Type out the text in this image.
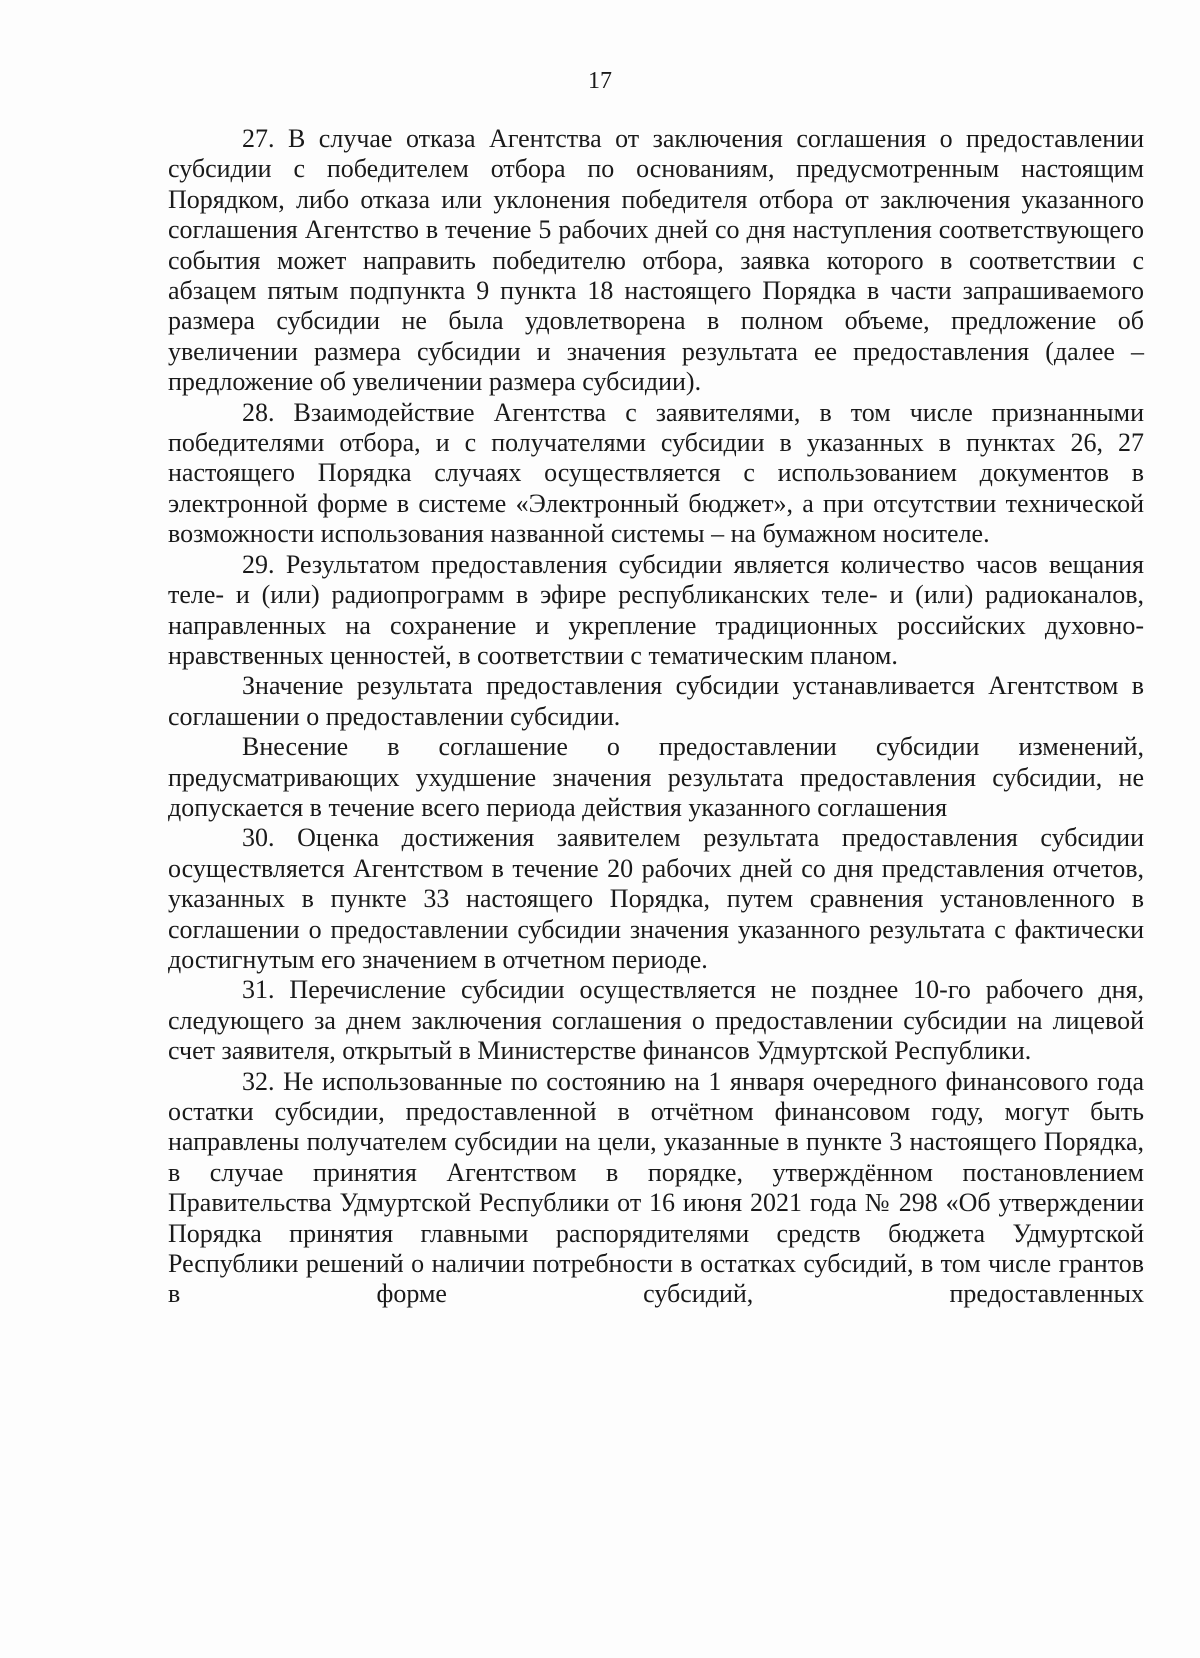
17

27. В случае отказа Агентства от заключения соглашения о предоставлении субсидии с победителем отбора по основаниям, предусмотренным настоящим Порядком, либо отказа или уклонения победителя отбора от заключения указанного соглашения Агентство в течение 5 рабочих дней со дня наступления соответствующего события может направить победителю отбора, заявка которого в соответствии с абзацем пятым подпункта 9 пункта 18 настоящего Порядка в части запрашиваемого размера субсидии не была удовлетворена в полном объеме, предложение об увеличении размера субсидии и значения результата ее предоставления (далее – предложение об увеличении размера субсидии).

28. Взаимодействие Агентства с заявителями, в том числе признанными победителями отбора, и с получателями субсидии в указанных в пунктах 26, 27 настоящего Порядка случаях осуществляется с использованием документов в электронной форме в системе «Электронный бюджет», а при отсутствии технической возможности использования названной системы – на бумажном носителе.

29. Результатом предоставления субсидии является количество часов вещания теле- и (или) радиопрограмм в эфире республиканских теле- и (или) радиоканалов, направленных на сохранение и укрепление традиционных российских духовно-нравственных ценностей, в соответствии с тематическим планом.

Значение результата предоставления субсидии устанавливается Агентством в соглашении о предоставлении субсидии.

Внесение в соглашение о предоставлении субсидии изменений, предусматривающих ухудшение значения результата предоставления субсидии, не допускается в течение всего периода действия указанного соглашения

30. Оценка достижения заявителем результата предоставления субсидии осуществляется Агентством в течение 20 рабочих дней со дня представления отчетов, указанных в пункте 33 настоящего Порядка, путем сравнения установленного в соглашении о предоставлении субсидии значения указанного результата с фактически достигнутым его значением в отчетном периоде.

31. Перечисление субсидии осуществляется не позднее 10-го рабочего дня, следующего за днем заключения соглашения о предоставлении субсидии на лицевой счет заявителя, открытый в Министерстве финансов Удмуртской Республики.

32. Не использованные по состоянию на 1 января очередного финансового года остатки субсидии, предоставленной в отчётном финансовом году, могут быть направлены получателем субсидии на цели, указанные в пункте 3 настоящего Порядка, в случае принятия Агентством в порядке, утверждённом постановлением Правительства Удмуртской Республики от 16 июня 2021 года № 298 «Об утверждении Порядка принятия главными распорядителями средств бюджета Удмуртской Республики решений о наличии потребности в остатках субсидий, в том числе грантов в форме субсидий, предоставленных
